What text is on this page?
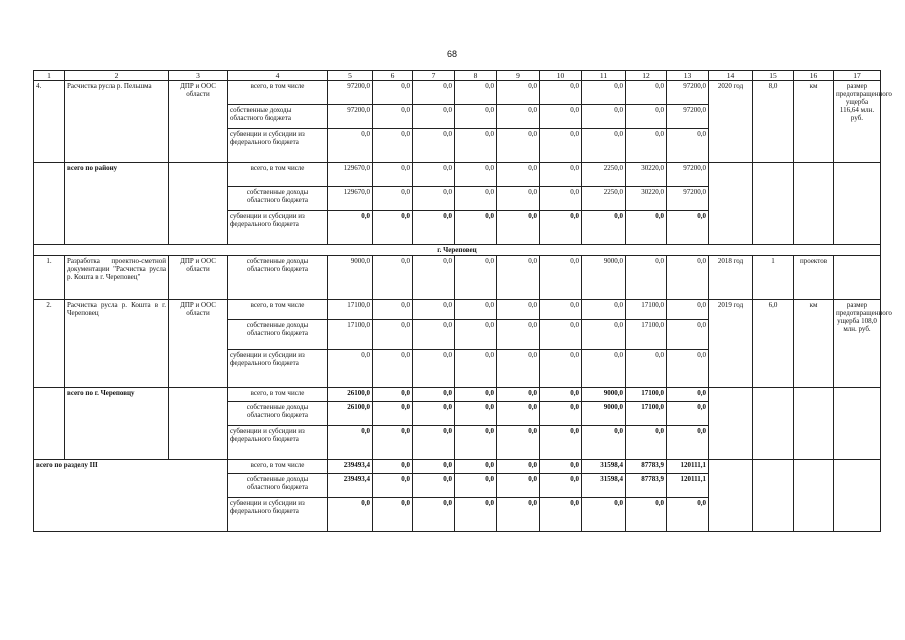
68
1	2	3	4	5	6	7	8	9	10	11	12	13	14	15	16	17
4.	Расчистка русла р. Пельшма	ДПР и ООС области	всего, в том числе	97200,0	0,0	0,0	0,0	0,0	0,0	0,0	0,0	97200,0	2020 год	8,0	км	размер предотвращенного ущерба 116,64 млн. руб.
			собственные доходы областного бюджета	97200,0	0,0	0,0	0,0	0,0	0,0	0,0	0,0	97200,0				
			субвенции и субсидии из федерального бюджета	0,0	0,0	0,0	0,0	0,0	0,0	0,0	0,0	0,0				
	всего по району		всего, в том числе	129670,0	0,0	0,0	0,0	0,0	0,0	2250,0	30220,0	97200,0				
			собственные доходы областного бюджета	129670,0	0,0	0,0	0,0	0,0	0,0	2250,0	30220,0	97200,0				
			субвенции и субсидии из федерального бюджета	0,0	0,0	0,0	0,0	0,0	0,0	0,0	0,0	0,0				
г. Череповец																
1.	Разработка проектно-сметной документации "Расчистка русла р. Кошта в г. Череповец"	ДПР и ООС области	собственные доходы областного бюджета	9000,0	0,0	0,0	0,0	0,0	0,0	9000,0	0,0	0,0	2018 год	1	проектов	
2.	Расчистка русла р. Кошта в г. Череповец	ДПР и ООС области	всего, в том числе	17100,0	0,0	0,0	0,0	0,0	0,0	0,0	17100,0	0,0	2019 год	6,0	км	размер предотвращенного ущерба 108,0 млн. руб.
			собственные доходы областного бюджета	17100,0	0,0	0,0	0,0	0,0	0,0	0,0	17100,0	0,0				
			субвенции и субсидии из федерального бюджета	0,0	0,0	0,0	0,0	0,0	0,0	0,0	0,0	0,0				
	всего по г. Череповцу		всего, в том числе	26100,0	0,0	0,0	0,0	0,0	0,0	9000,0	17100,0	0,0				
			собственные доходы областного бюджета	26100,0	0,0	0,0	0,0	0,0	0,0	9000,0	17100,0	0,0				
			субвенции и субсидии из федерального бюджета	0,0	0,0	0,0	0,0	0,0	0,0	0,0	0,0	0,0				
всего по разделу III			всего, в том числе	239493,4	0,0	0,0	0,0	0,0	0,0	31598,4	87783,9	120111,1				
			собственные доходы областного бюджета	239493,4	0,0	0,0	0,0	0,0	0,0	31598,4	87783,9	120111,1				
			субвенции и субсидии из федерального бюджета	0,0	0,0	0,0	0,0	0,0	0,0	0,0	0,0	0,0				
